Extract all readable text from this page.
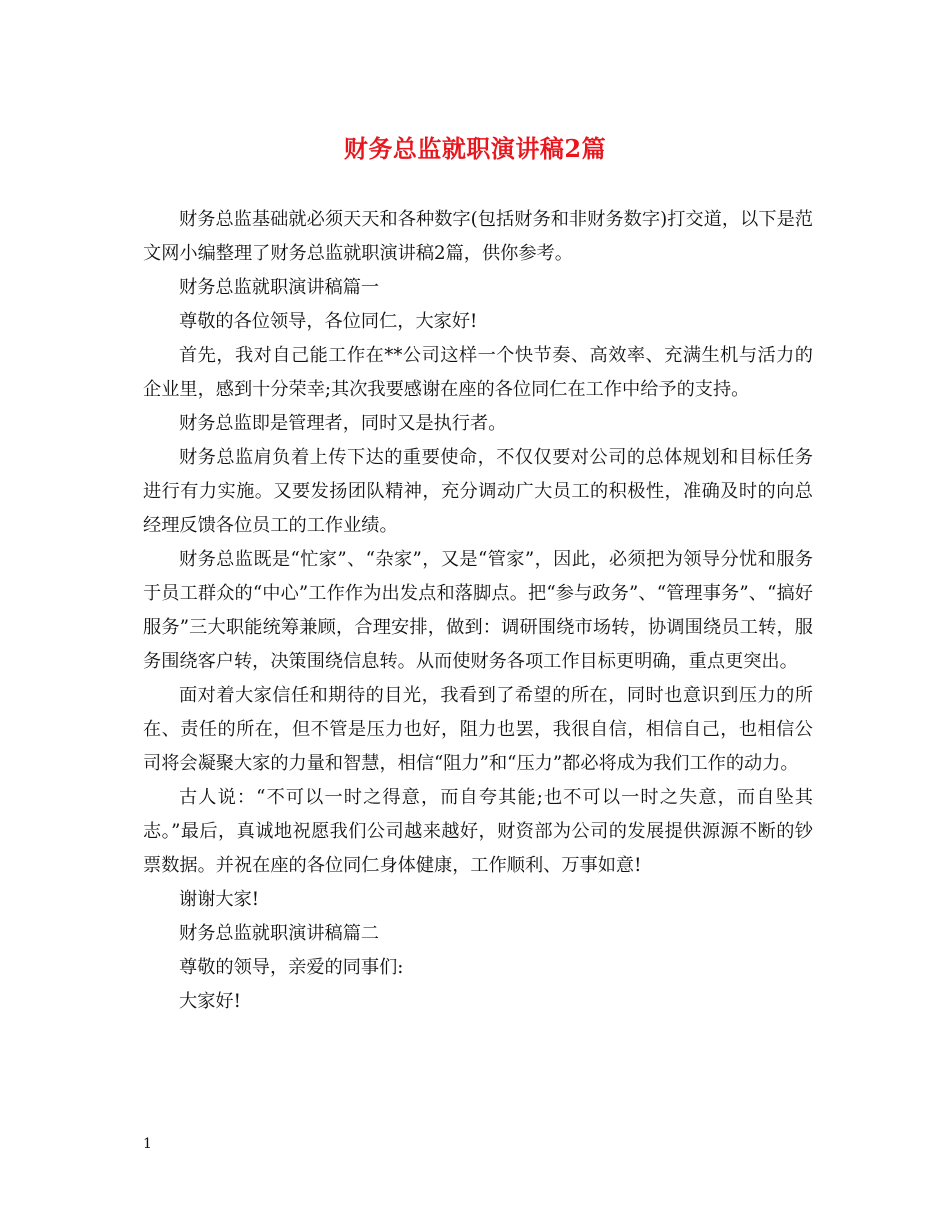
财务总监就职演讲稿2篇

财务总监基础就必须天天和各种数字(包括财务和非财务数字)打交道，以下是范文网小编整理了财务总监就职演讲稿2篇，供你参考。

财务总监就职演讲稿篇一

尊敬的各位领导，各位同仁，大家好!

首先，我对自己能工作在**公司这样一个快节奏、高效率、充满生机与活力的企业里，感到十分荣幸;其次我要感谢在座的各位同仁在工作中给予的支持。

财务总监即是管理者，同时又是执行者。

财务总监肩负着上传下达的重要使命，不仅仅要对公司的总体规划和目标任务进行有力实施。又要发扬团队精神，充分调动广大员工的积极性，准确及时的向总经理反馈各位员工的工作业绩。

财务总监既是“忙家”、“杂家”，又是“管家”，因此，必须把为领导分忧和服务于员工群众的“中心”工作作为出发点和落脚点。把“参与政务”、“管理事务”、“搞好服务”三大职能统筹兼顾，合理安排，做到：调研围绕市场转，协调围绕员工转，服务围绕客户转，决策围绕信息转。从而使财务各项工作目标更明确，重点更突出。

面对着大家信任和期待的目光，我看到了希望的所在，同时也意识到压力的所在、责任的所在，但不管是压力也好，阻力也罢，我很自信，相信自己，也相信公司将会凝聚大家的力量和智慧，相信“阻力”和“压力”都必将成为我们工作的动力。

古人说：“不可以一时之得意，而自夸其能;也不可以一时之失意，而自坠其志。”最后，真诚地祝愿我们公司越来越好，财资部为公司的发展提供源源不断的钞票数据。并祝在座的各位同仁身体健康，工作顺利、万事如意!

谢谢大家!

财务总监就职演讲稿篇二

尊敬的领导，亲爱的同事们:

大家好!

1
